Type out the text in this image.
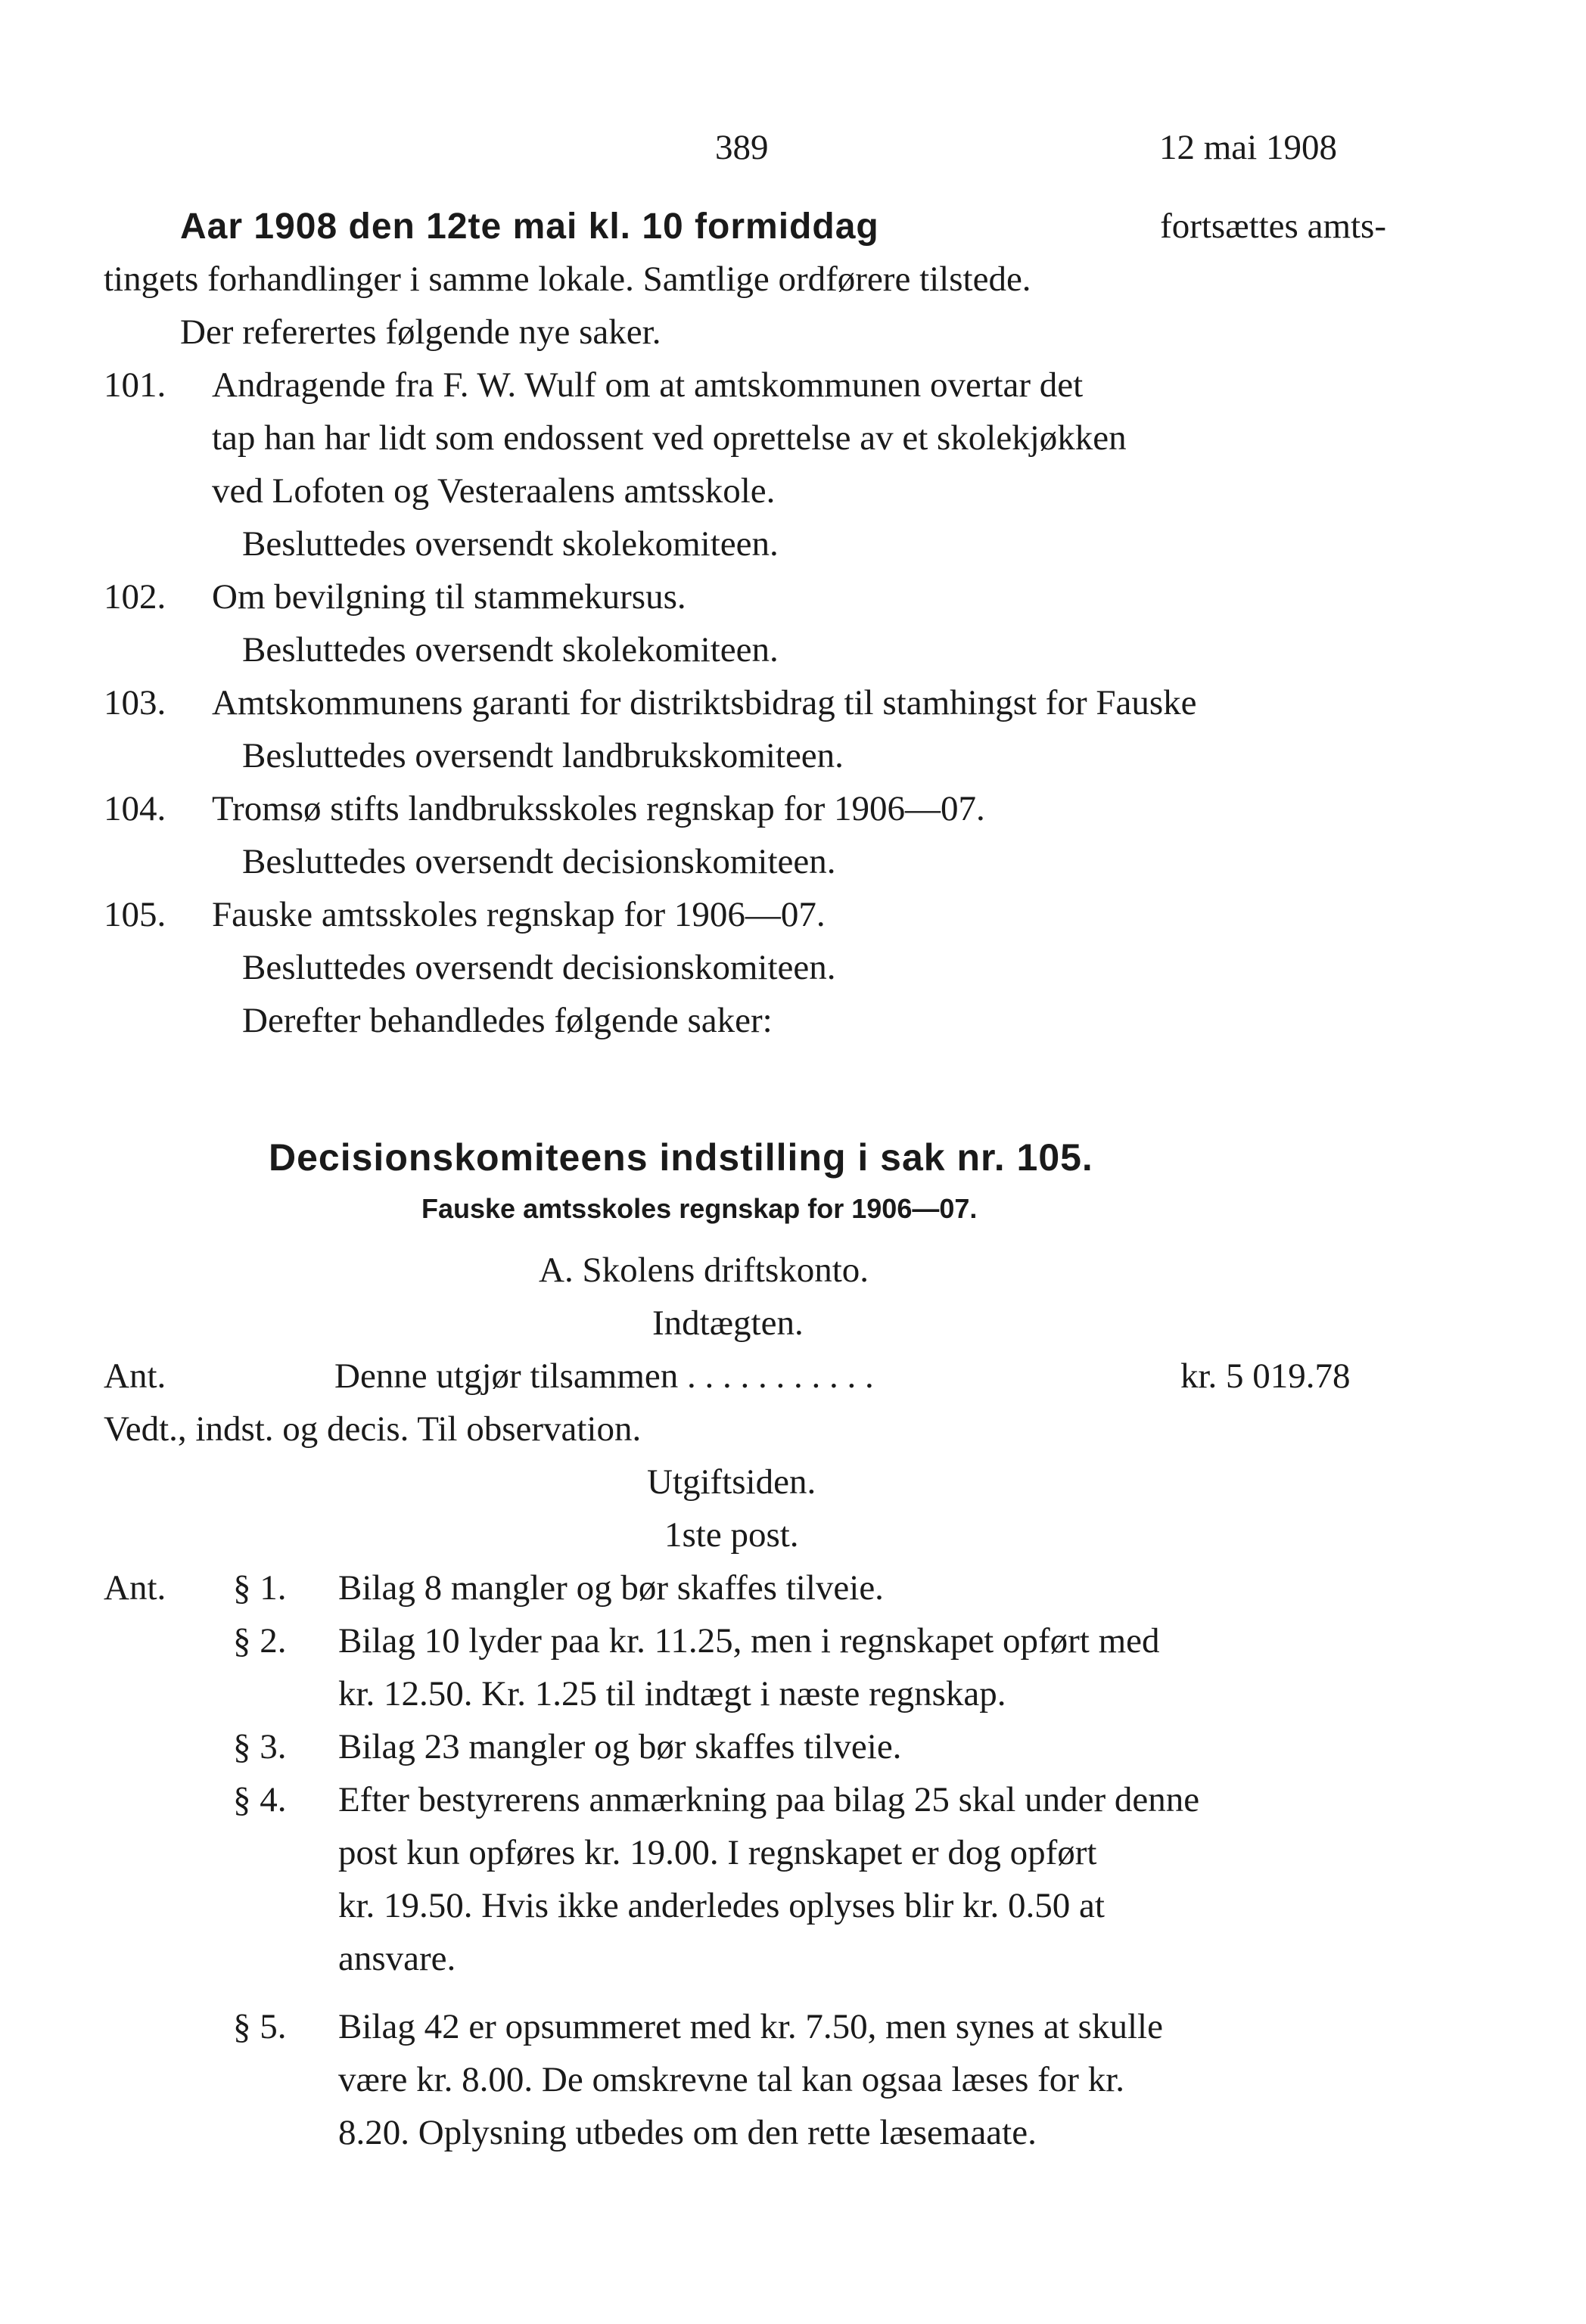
389	12 mai 1908
Aar 1908 den 12te mai kl. 10 formiddag	fortsættes amts-
tingets forhandlinger i samme lokale. Samtlige ordførere tilstede.
Der referertes følgende nye saker.
101. Andragende fra F. W. Wulf om at amtskommunen overtar det
tap han har lidt som endossent ved oprettelse av et skolekjøkken
ved Lofoten og Vesteraalens amtsskole.
Besluttedes oversendt skolekomiteen.
102. Om bevilgning til stammekursus.
Besluttedes oversendt skolekomiteen.
103. Amtskommunens garanti for distriktsbidrag til stamhingst for Fauske
Besluttedes oversendt landbrukskomiteen.
104. Tromsø stifts landbruksskoles regnskap for 1906—07.
Besluttedes oversendt decisionskomiteen.
105. Fauske amtsskoles regnskap for 1906—07.
Besluttedes oversendt decisionskomiteen.
Derefter behandledes følgende saker:
Decisionskomiteens indstilling i sak nr. 105.
Fauske amtsskoles regnskap for 1906—07.
A. Skolens driftskonto.
Indtægten.
Ant.	Denne utgjør tilsammen . . . . . . . . . . .	kr. 5 019.78
Vedt., indst. og decis. Til observation.
Utgiftsiden.
1ste post.
Ant. § 1. Bilag 8 mangler og bør skaffes tilveie.
§ 2. Bilag 10 lyder paa kr. 11.25, men i regnskapet opført med
kr. 12.50. Kr. 1.25 til indtægt i næste regnskap.
§ 3. Bilag 23 mangler og bør skaffes tilveie.
§ 4. Efter bestyrerens anmærkning paa bilag 25 skal under denne
post kun opføres kr. 19.00. I regnskapet er dog opført
kr. 19.50. Hvis ikke anderledes oplyses blir kr. 0.50 at
ansvare.
§ 5. Bilag 42 er opsummeret med kr. 7.50, men synes at skulle
være kr. 8.00. De omskrevne tal kan ogsaa læses for kr.
8.20. Oplysning utbedes om den rette læsemaate.
